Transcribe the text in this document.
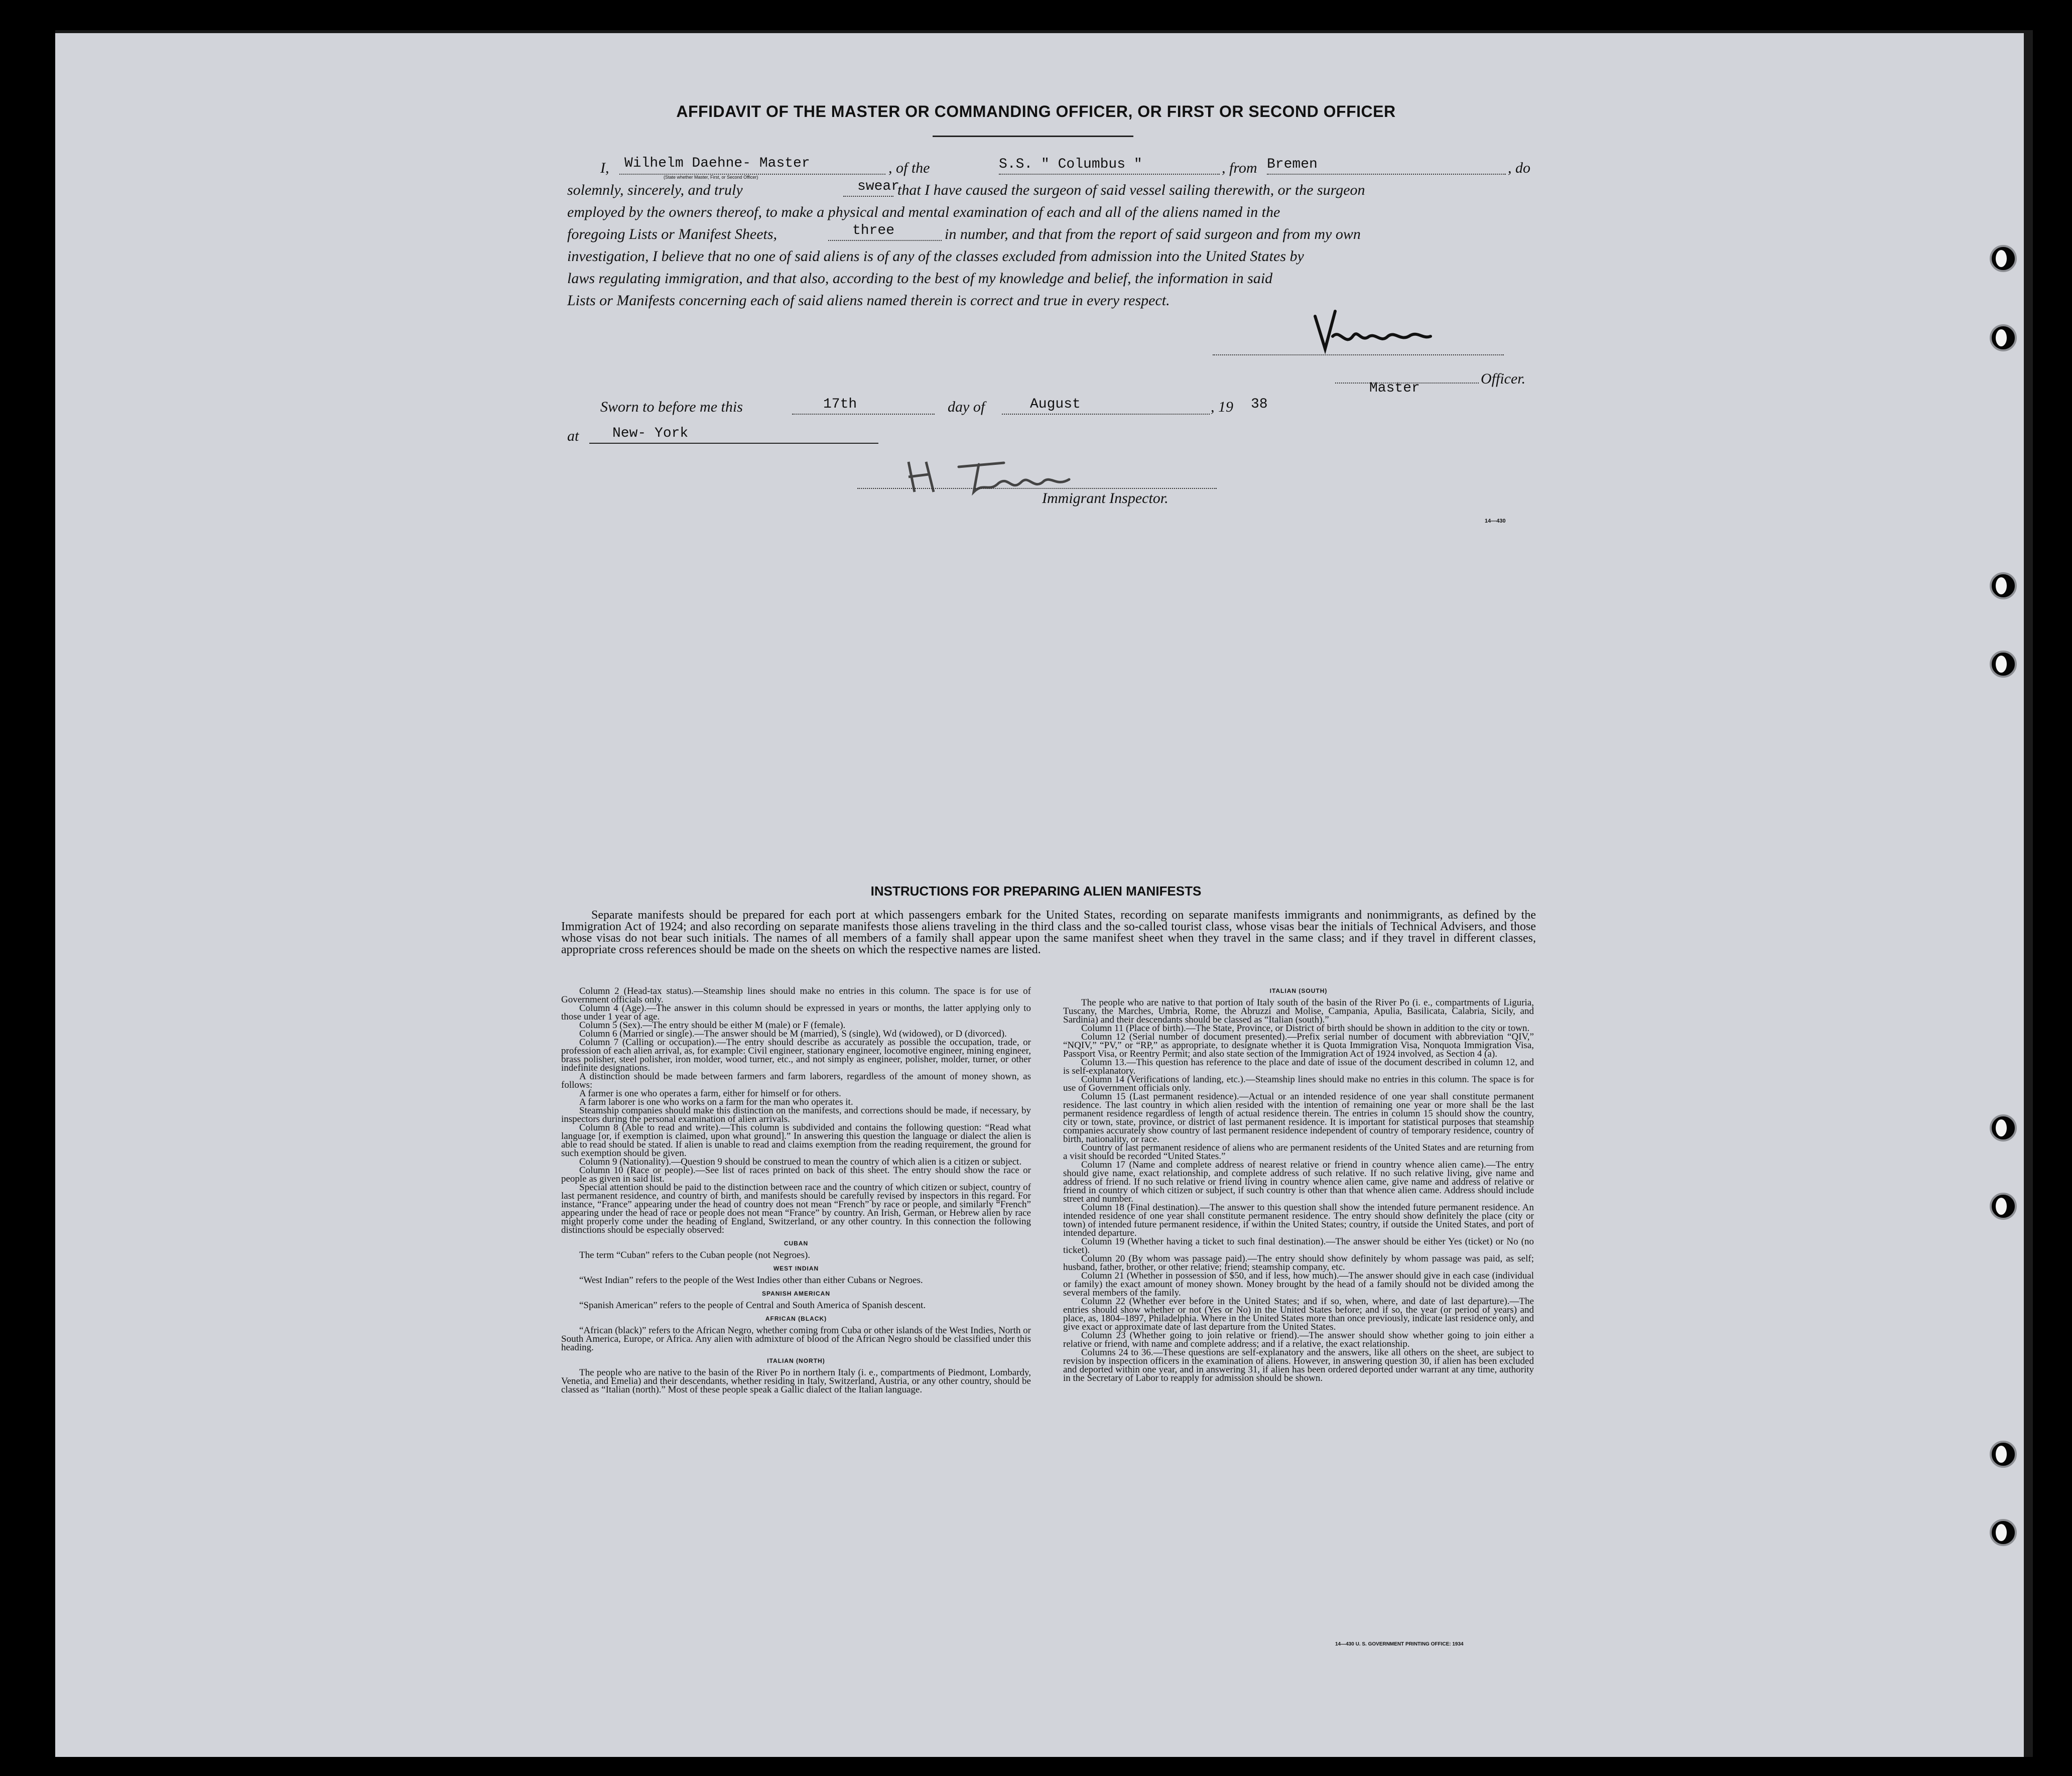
AFFIDAVIT OF THE MASTER OR COMMANDING OFFICER, OR FIRST OR SECOND OFFICER
I, Wilhelm Daehne- Master
(State whether Master, First, or Second Officer)
, of the	S.S. " Columbus "	, from Bremen	, do
solemnly, sincerely, and truly	swear
that I have caused the surgeon of said vessel sailing therewith, or the surgeon
employed by the owners thereof, to make a physical and mental examination of each and all of the aliens named in the
foregoing Lists or Manifest Sheets,	three	in number, and that from the report of said surgeon and from my own
investigation, I believe that no one of said aliens is of any of the classes excluded from admission into the United States by
laws regulating immigration, and that also, according to the best of my knowledge and belief, the information in said
Lists or Manifests concerning each of said aliens named therein is correct and true in every respect.
Master
Officer.
Sworn to before me this	17th	day of	August	, 19 38
at New- York
Immigrant Inspector.
14—430
INSTRUCTIONS FOR PREPARING ALIEN MANIFESTS
Separate manifests should be prepared for each port at which passengers embark for the United States, recording on separate manifests immigrants and nonimmigrants, as defined by the Immigration Act of 1924; and also recording on separate manifests those aliens traveling in the third class and the so-called tourist class, whose visas bear the initials of Technical Advisers, and those whose visas do not bear such initials. The names of all members of a family shall appear upon the same manifest sheet when they travel in the same class; and if they travel in different classes, appropriate cross references should be made on the sheets on which the respective names are listed.

Column 2 (Head-tax status).—Steamship lines should make no entries in this column. The space is for use of Government officials only.

Column 4 (Age).—The answer in this column should be expressed in years or months, the latter applying only to those under 1 year of age.

Column 5 (Sex).—The entry should be either M (male) or F (female).

Column 6 (Married or single).—The answer should be M (married), S (single), Wd (widowed), or D (divorced).

Column 7 (Calling or occupation).—The entry should describe as accurately as possible the occupation, trade, or profession of each alien arrival, as, for example: Civil engineer, stationary engineer, locomotive engineer, mining engineer, brass polisher, steel polisher, iron molder, wood turner, etc., and not simply as engineer, polisher, molder, turner, or other indefinite designations.

A distinction should be made between farmers and farm laborers, regardless of the amount of money shown, as follows:

A farmer is one who operates a farm, either for himself or for others.

A farm laborer is one who works on a farm for the man who operates it.

Steamship companies should make this distinction on the manifests, and corrections should be made, if necessary, by inspectors during the personal examination of alien arrivals.

Column 8 (Able to read and write).—This column is subdivided and contains the following question: “Read what language [or, if exemption is claimed, upon what ground].” In answering this question the language or dialect the alien is able to read should be stated. If alien is unable to read and claims exemption from the reading requirement, the ground for such exemption should be given.

Column 9 (Nationality).—Question 9 should be construed to mean the country of which alien is a citizen or subject.

Column 10 (Race or people).—See list of races printed on back of this sheet. The entry should show the race or people as given in said list.

Special attention should be paid to the distinction between race and the country of which citizen or subject, country of last permanent residence, and country of birth, and manifests should be carefully revised by inspectors in this regard. For instance, “France” appearing under the head of country does not mean “French” by race or people, and similarly “French” appearing under the head of race or people does not mean “France” by country. An Irish, German, or Hebrew alien by race might properly come under the heading of England, Switzerland, or any other country. In this connection the following distinctions should be especially observed:

CUBAN

The term “Cuban” refers to the Cuban people (not Negroes).

WEST INDIAN

“West Indian” refers to the people of the West Indies other than either Cubans or Negroes.

SPANISH AMERICAN

“Spanish American” refers to the people of Central and South America of Spanish descent.

AFRICAN (BLACK)

“African (black)” refers to the African Negro, whether coming from Cuba or other islands of the West Indies, North or South America, Europe, or Africa. Any alien with admixture of blood of the African Negro should be classified under this heading.

ITALIAN (NORTH)

The people who are native to the basin of the River Po in northern Italy (i. e., compartments of Piedmont, Lombardy, Venetia, and Emelia) and their descendants, whether residing in Italy, Switzerland, Austria, or any other country, should be classed as “Italian (north).” Most of these people speak a Gallic dialect of the Italian language.

ITALIAN (SOUTH)

The people who are native to that portion of Italy south of the basin of the River Po (i. e., compartments of Liguria, Tuscany, the Marches, Umbria, Rome, the Abruzzi and Molise, Campania, Apulia, Basilicata, Calabria, Sicily, and Sardinia) and their descendants should be classed as “Italian (south).”

Column 11 (Place of birth).—The State, Province, or District of birth should be shown in addition to the city or town.

Column 12 (Serial number of document presented).—Prefix serial number of document with abbreviation “QIV,” “NQIV,” “PV,” or “RP,” as appropriate, to designate whether it is Quota Immigration Visa, Nonquota Immigration Visa, Passport Visa, or Reentry Permit; and also state section of the Immigration Act of 1924 involved, as Section 4 (a).

Column 13.—This question has reference to the place and date of issue of the document described in column 12, and is self-explanatory.

Column 14 (Verifications of landing, etc.).—Steamship lines should make no entries in this column. The space is for use of Government officials only.

Column 15 (Last permanent residence).—Actual or an intended residence of one year shall constitute permanent residence. The last country in which alien resided with the intention of remaining one year or more shall be the last permanent residence regardless of length of actual residence therein. The entries in column 15 should show the country, city or town, state, province, or district of last permanent residence. It is important for statistical purposes that steamship companies accurately show country of last permanent residence independent of country of temporary residence, country of birth, nationality, or race.

Country of last permanent residence of aliens who are permanent residents of the United States and are returning from a visit should be recorded “United States.”

Column 17 (Name and complete address of nearest relative or friend in country whence alien came).—The entry should give name, exact relationship, and complete address of such relative. If no such relative living, give name and address of friend. If no such relative or friend living in country whence alien came, give name and address of relative or friend in country of which citizen or subject, if such country is other than that whence alien came. Address should include street and number.

Column 18 (Final destination).—The answer to this question shall show the intended future permanent residence. An intended residence of one year shall constitute permanent residence. The entry should show definitely the place (city or town) of intended future permanent residence, if within the United States; country, if outside the United States, and port of intended departure.

Column 19 (Whether having a ticket to such final destination).—The answer should be either Yes (ticket) or No (no ticket).

Column 20 (By whom was passage paid).—The entry should show definitely by whom passage was paid, as self; husband, father, brother, or other relative; friend; steamship company, etc.

Column 21 (Whether in possession of $50, and if less, how much).—The answer should give in each case (individual or family) the exact amount of money shown. Money brought by the head of a family should not be divided among the several members of the family.

Column 22 (Whether ever before in the United States; and if so, when, where, and date of last departure).—The entries should show whether or not (Yes or No) in the United States before; and if so, the year (or period of years) and place, as, 1804–1897, Philadelphia. Where in the United States more than once previously, indicate last residence only, and give exact or approximate date of last departure from the United States.

Column 23 (Whether going to join relative or friend).—The answer should show whether going to join either a relative or friend, with name and complete address; and if a relative, the exact relationship.

Columns 24 to 36.—These questions are self-explanatory and the answers, like all others on the sheet, are subject to revision by inspection officers in the examination of aliens. However, in answering question 30, if alien has been excluded and deported within one year, and in answering 31, if alien has been ordered deported under warrant at any time, authority in the Secretary of Labor to reapply for admission should be shown.

14—430 U. S. GOVERNMENT PRINTING OFFICE: 1934
